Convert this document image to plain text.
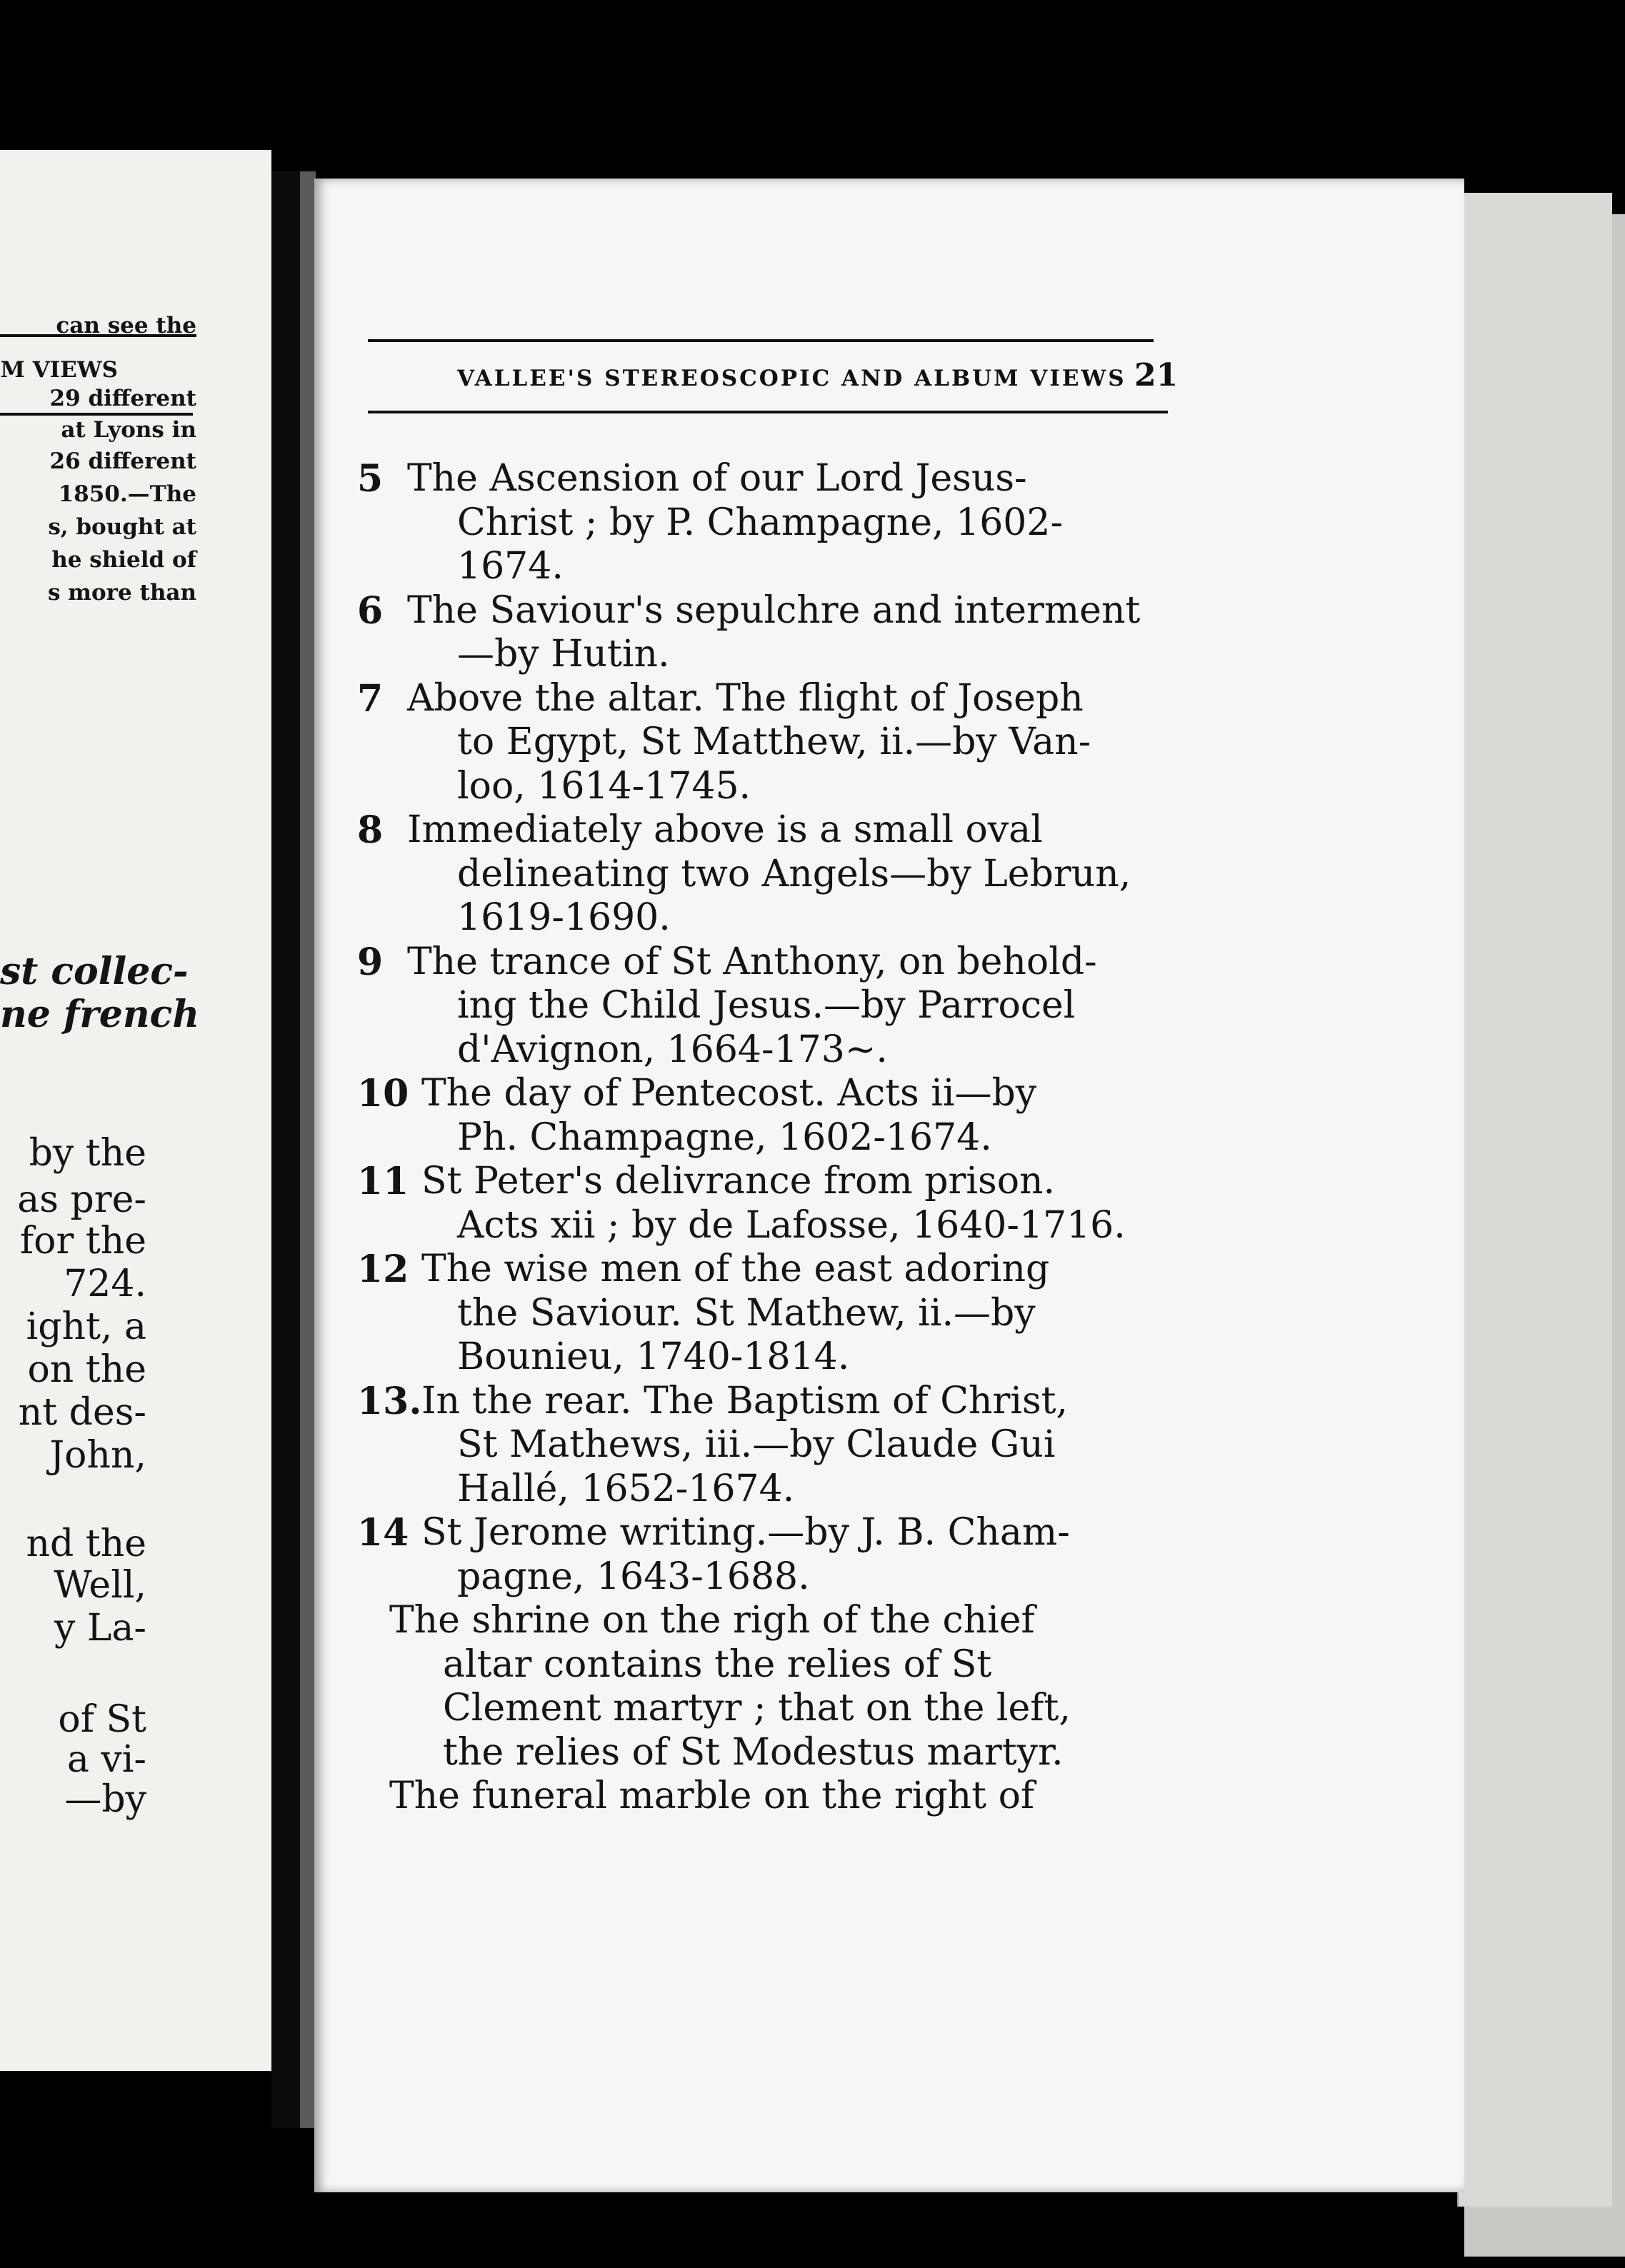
M VIEWS
can see the
29 different
at Lyons in
26 different
1850.—The
s, bought at
he shield of
s more than
st collec-
ne french
by the
as pre-
for the
724.
ight, a
on the
nt des-
John,
nd the
Well,
y La-
of St
a vi-
—by
VALLEE'S STEREOSCOPIC AND ALBUM VIEWS 21
5 The Ascension of our Lord Jesus-
Christ ; by P. Champagne, 1602-
1674.
6 The Saviour's sepulchre and interment
—by Hutin.
7 Above the altar. The flight of Joseph
to Egypt, St Matthew, ii.—by Van-
loo, 1614-1745.
8 Immediately above is a small oval
delineating two Angels—by Lebrun,
1619-1690.
9 The trance of St Anthony, on behold-
ing the Child Jesus.—by Parrocel
d'Avignon, 1664-173~.
10 The day of Pentecost. Acts ii—by
Ph. Champagne, 1602-1674.
11 St Peter's delivrance from prison.
Acts xii ; by de Lafosse, 1640-1716.
12 The wise men of the east adoring
the Saviour. St Mathew, ii.—by
Bounieu, 1740-1814.
13. In the rear. The Baptism of Christ,
St Mathews, iii.—by Claude Gui
Hallé, 1652-1674.
14 St Jerome writing.—by J. B. Cham-
pagne, 1643-1688.
The shrine on the righ of the chief
altar contains the relies of St
Clement martyr ; that on the left,
the relies of St Modestus martyr.
The funeral marble on the right of
